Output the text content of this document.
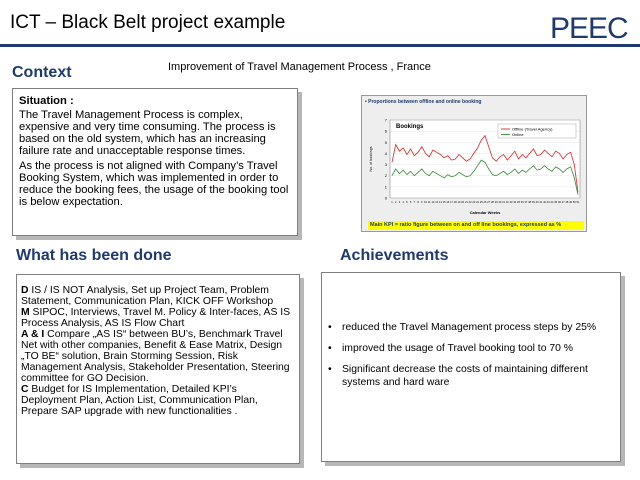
ICT – Black Belt project example	PEEC
Improvement of Travel Management Process , France
Context
Situation :

The Travel Management Process is complex, expensive and very time consuming. The process is based on the old system, which has an increasing failure rate and unacceptable response times.

As the process is not aligned with Company’s Travel Booking System, which was implemented in order to reduce the booking fees, the usage of the booking tool is below expectation.

• Proportions between offline and online booking
0
1
2
3
4
5
6
7
1 2 3 4 5 6 7 8 9 10 11 12 13 14 15 16 17 18 19 20 21 22 23 24 25 26 27 28 29 30 31 32 33 34 35 36 37 38 39 40 41 42 43 44 45 46 47 48 49 50 51
Bookings
Calendar Weeks
No. of bookings
Offline (Travel Agency)
Online
Main KPI = ratio figure between on and off line bookings, expressed as %
What has been done
D IS / IS NOT Analysis, Set up Project Team, Problem Statement, Communication Plan, KICK OFF Workshop
M SIPOC, Interviews, Travel M. Policy & Inter-faces, AS IS Process Analysis, AS IS Flow Chart
A & I Compare „AS IS“ between BU’s, Benchmark Travel Net with other companies, Benefit & Ease Matrix, Design „TO BE“ solution, Brain Storming Session, Risk Management Analysis, Stakeholder Presentation, Steering committee for GO Decision.
C Budget for IS Implementation, Detailed KPI’s Deployment Plan, Action List, Communication Plan, Prepare SAP upgrade with new functionalities .
Achievements
• reduced the Travel Management process steps by 25%
• improved the usage of Travel booking tool to 70 %
• Significant decrease the costs of maintaining different systems and hard ware
